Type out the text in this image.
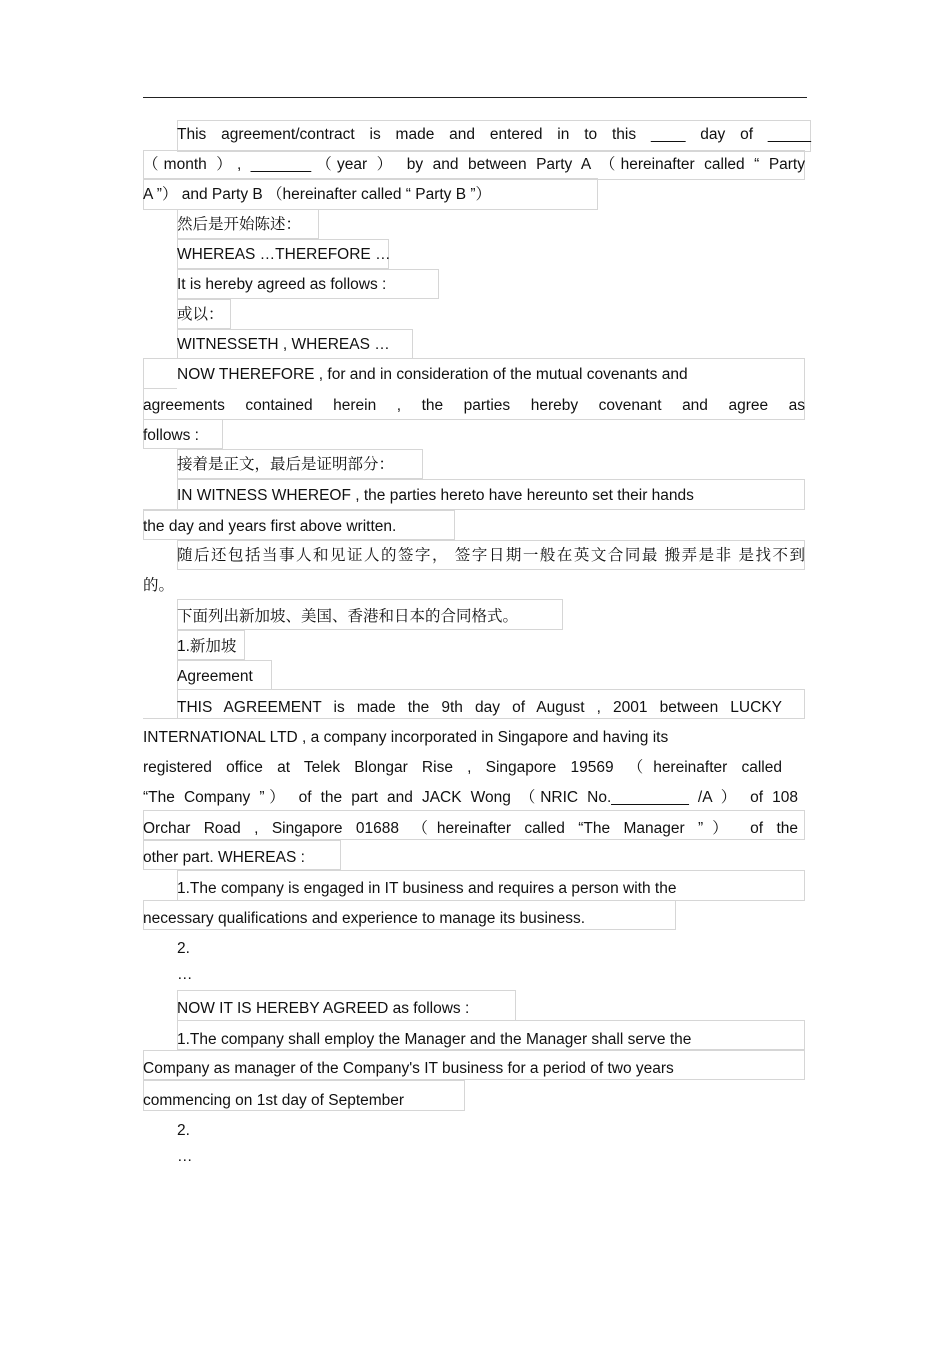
This agreement/contract is made and entered in to this ____ day of _____
（month ）, _______（year ） by and between Party A （hereinafter called “ Party
A ”） and Party B （hereinafter called “ Party B ”）
然后是开始陈述：
WHEREAS …THEREFORE …
It is hereby agreed as follows :
或以：
WITNESSETH , WHEREAS …
NOW THEREFORE , for and in consideration of the mutual covenants and
agreements contained herein , the parties hereby covenant and agree as
follows :
接着是正文，最后是证明部分：
IN WITNESS WHEREOF , the parties hereto have hereunto set their hands
the day and years first above written.
随后还包括当事人和见证人的签字， 签字日期一般在英文合同最 搬弄是非 是找不到
的。
下面列出新加坡、美国、香港和日本的合同格式。
1.新加坡
Agreement
THIS AGREEMENT is made the 9th day of August , 2001 between LUCKY
INTERNATIONAL LTD , a company incorporated in Singapore and having its
registered office at Telek Blongar Rise , Singapore 19569 （hereinafter called
“The Company ”） of the part and JACK Wong （NRIC No._________ /A ） of 108
Orchar Road , Singapore 01688 （hereinafter called “The Manager ”） of the
other part. WHEREAS :
1.The company is engaged in IT business and requires a person with the
necessary qualifications and experience to manage its business.
2.
…
NOW IT IS HEREBY AGREED as follows :
1.The company shall employ the Manager and the Manager shall serve the
Company as manager of the Company's IT business for a period of two years
commencing on 1st day of September
2.
…
